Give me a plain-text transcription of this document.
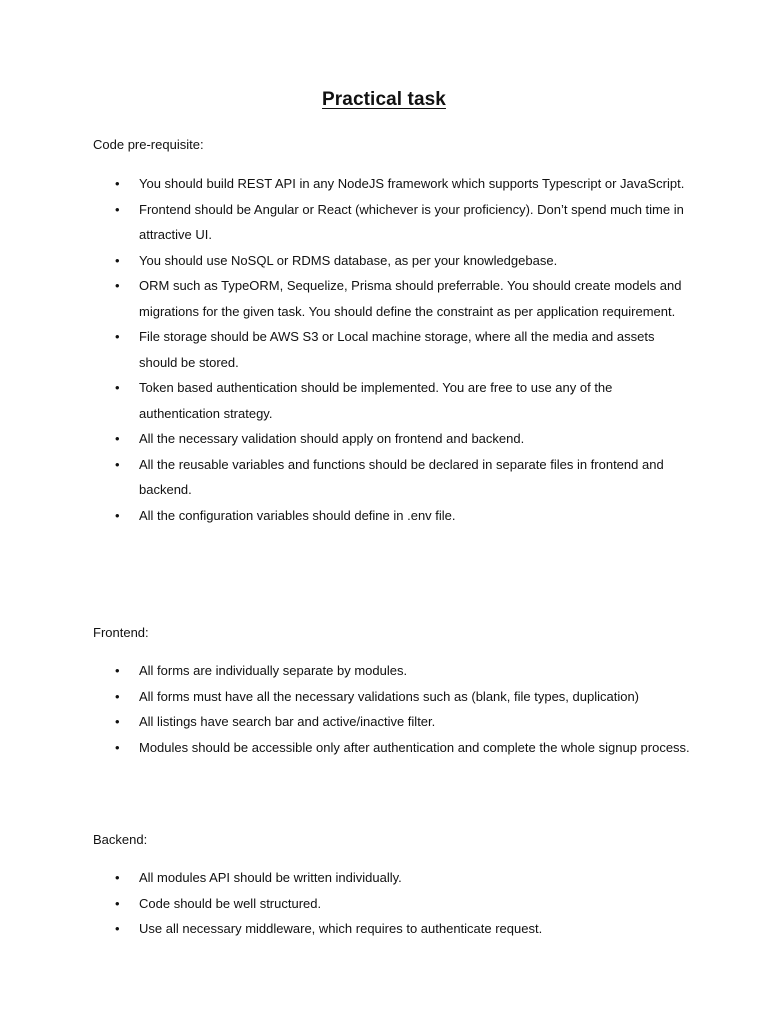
Practical task

Code pre-requisite:

• You should build REST API in any NodeJS framework which supports Typescript or JavaScript.
• Frontend should be Angular or React (whichever is your proficiency). Don’t spend much time in attractive UI.
• You should use NoSQL or RDMS database, as per your knowledgebase.
• ORM such as TypeORM, Sequelize, Prisma should preferrable. You should create models and migrations for the given task. You should define the constraint as per application requirement.
• File storage should be AWS S3 or Local machine storage, where all the media and assets should be stored.
• Token based authentication should be implemented. You are free to use any of the authentication strategy.
• All the necessary validation should apply on frontend and backend.
• All the reusable variables and functions should be declared in separate files in frontend and backend.
• All the configuration variables should define in .env file.

Frontend:

• All forms are individually separate by modules.
• All forms must have all the necessary validations such as (blank, file types, duplication)
• All listings have search bar and active/inactive filter.
• Modules should be accessible only after authentication and complete the whole signup process.

Backend:

• All modules API should be written individually.
• Code should be well structured.
• Use all necessary middleware, which requires to authenticate request.
